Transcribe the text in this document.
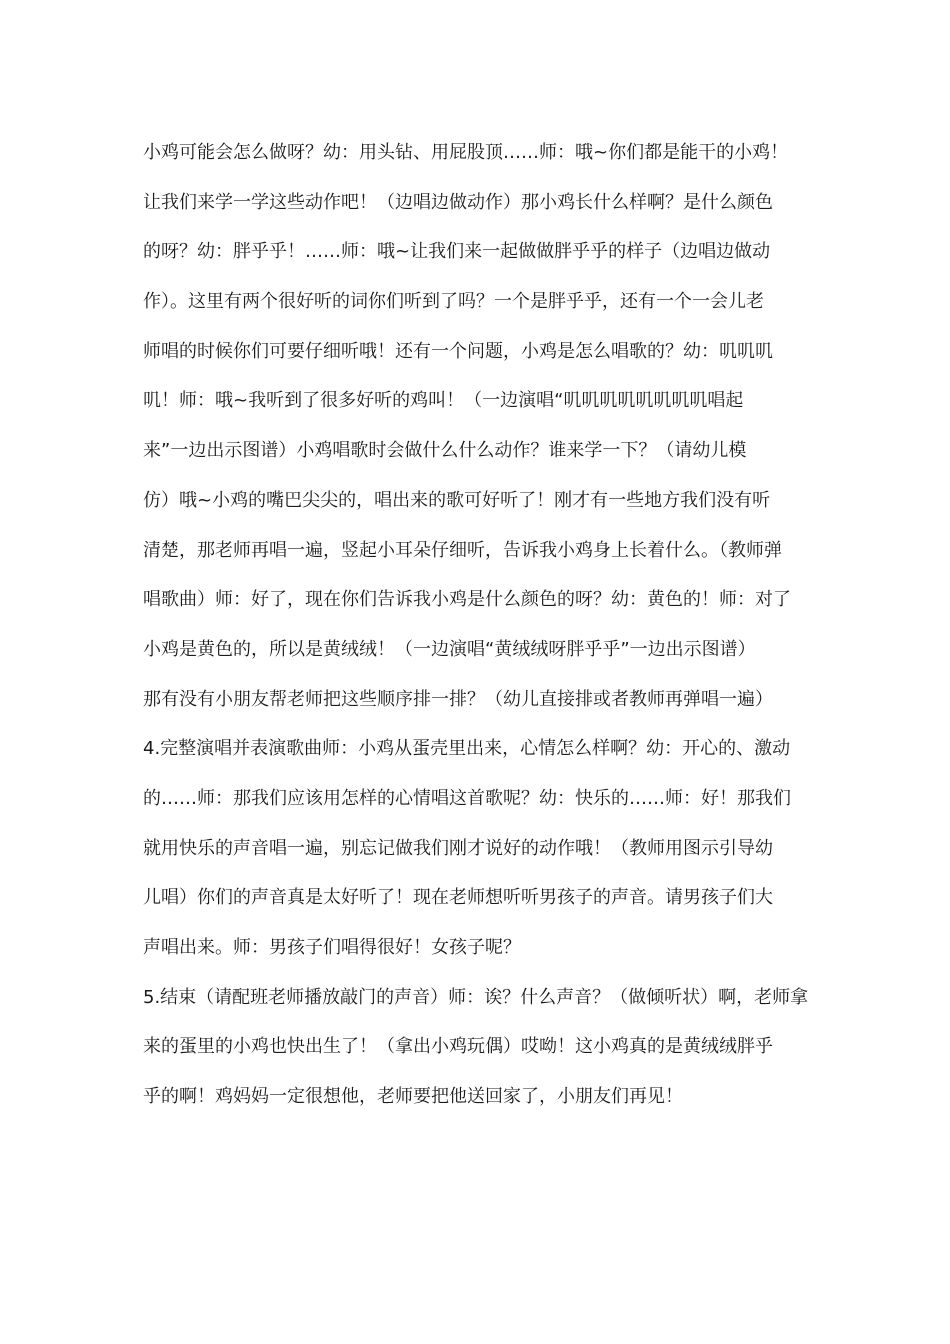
小鸡可能会怎么做呀？幼：用头钻、用屁股顶……师：哦~你们都是能干的小鸡！
让我们来学一学这些动作吧！（边唱边做动作）那小鸡长什么样啊？是什么颜色
的呀？幼：胖乎乎！……师：哦~让我们来一起做做胖乎乎的样子（边唱边做动
作）。这里有两个很好听的词你们听到了吗？一个是胖乎乎，还有一个一会儿老
师唱的时候你们可要仔细听哦！还有一个问题，小鸡是怎么唱歌的？幼：叽叽叽
叽！师：哦~我听到了很多好听的鸡叫！（一边演唱“叽叽叽叽叽叽叽叽唱起
来”一边出示图谱）小鸡唱歌时会做什么什么动作？谁来学一下？（请幼儿模
仿）哦~小鸡的嘴巴尖尖的，唱出来的歌可好听了！刚才有一些地方我们没有听
清楚，那老师再唱一遍，竖起小耳朵仔细听，告诉我小鸡身上长着什么。（教师弹
唱歌曲）师：好了，现在你们告诉我小鸡是什么颜色的呀？幼：黄色的！师：对了
小鸡是黄色的，所以是黄绒绒！（一边演唱“黄绒绒呀胖乎乎”一边出示图谱）
那有没有小朋友帮老师把这些顺序排一排？（幼儿直接排或者教师再弹唱一遍）
4.完整演唱并表演歌曲师：小鸡从蛋壳里出来，心情怎么样啊？幼：开心的、激动
的……师：那我们应该用怎样的心情唱这首歌呢？幼：快乐的……师：好！那我们
就用快乐的声音唱一遍，别忘记做我们刚才说好的动作哦！（教师用图示引导幼
儿唱）你们的声音真是太好听了！现在老师想听听男孩子的声音。请男孩子们大
声唱出来。师：男孩子们唱得很好！女孩子呢？
5.结束（请配班老师播放敲门的声音）师：诶？什么声音？（做倾听状）啊，老师拿
来的蛋里的小鸡也快出生了！（拿出小鸡玩偶）哎呦！这小鸡真的是黄绒绒胖乎
乎的啊！鸡妈妈一定很想他，老师要把他送回家了，小朋友们再见！
